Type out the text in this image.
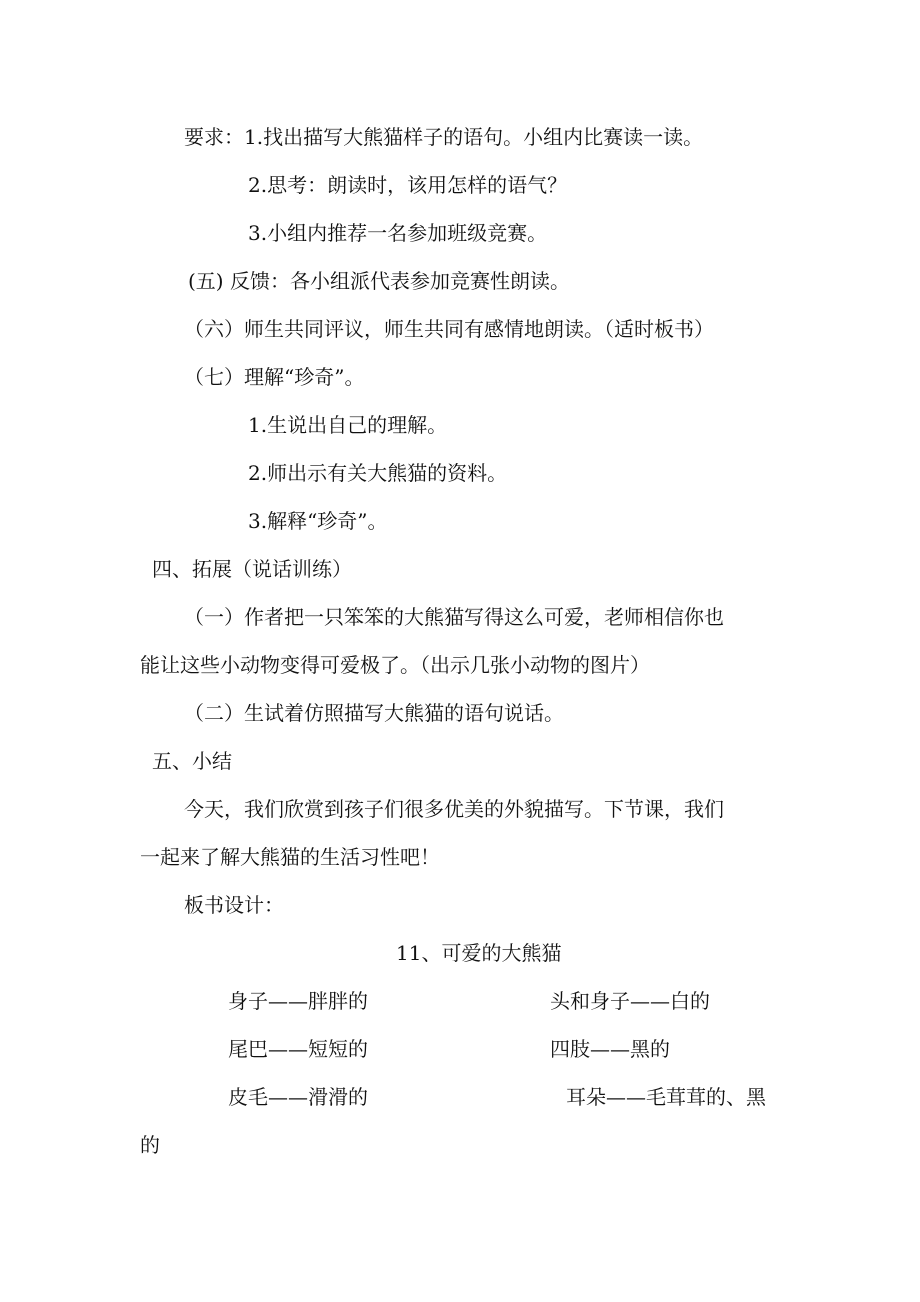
要求：1.找出描写大熊猫样子的语句。小组内比赛读一读。
2.思考：朗读时，该用怎样的语气？
3.小组内推荐一名参加班级竞赛。
(五) 反馈：各小组派代表参加竞赛性朗读。
（六）师生共同评议，师生共同有感情地朗读。（适时板书）
（七）理解“珍奇”。
1.生说出自己的理解。
2.师出示有关大熊猫的资料。
3.解释“珍奇”。
四、拓展（说话训练）
（一）作者把一只笨笨的大熊猫写得这么可爱，老师相信你也
能让这些小动物变得可爱极了。（出示几张小动物的图片）
（二）生试着仿照描写大熊猫的语句说话。
五、小结
今天，我们欣赏到孩子们很多优美的外貌描写。下节课，我们
一起来了解大熊猫的生活习性吧！
板书设计：
11、可爱的大熊猫
身子——胖胖的	头和身子——白的
尾巴——短短的	四肢——黑的
皮毛——滑滑的	耳朵——毛茸茸的、黑
的
